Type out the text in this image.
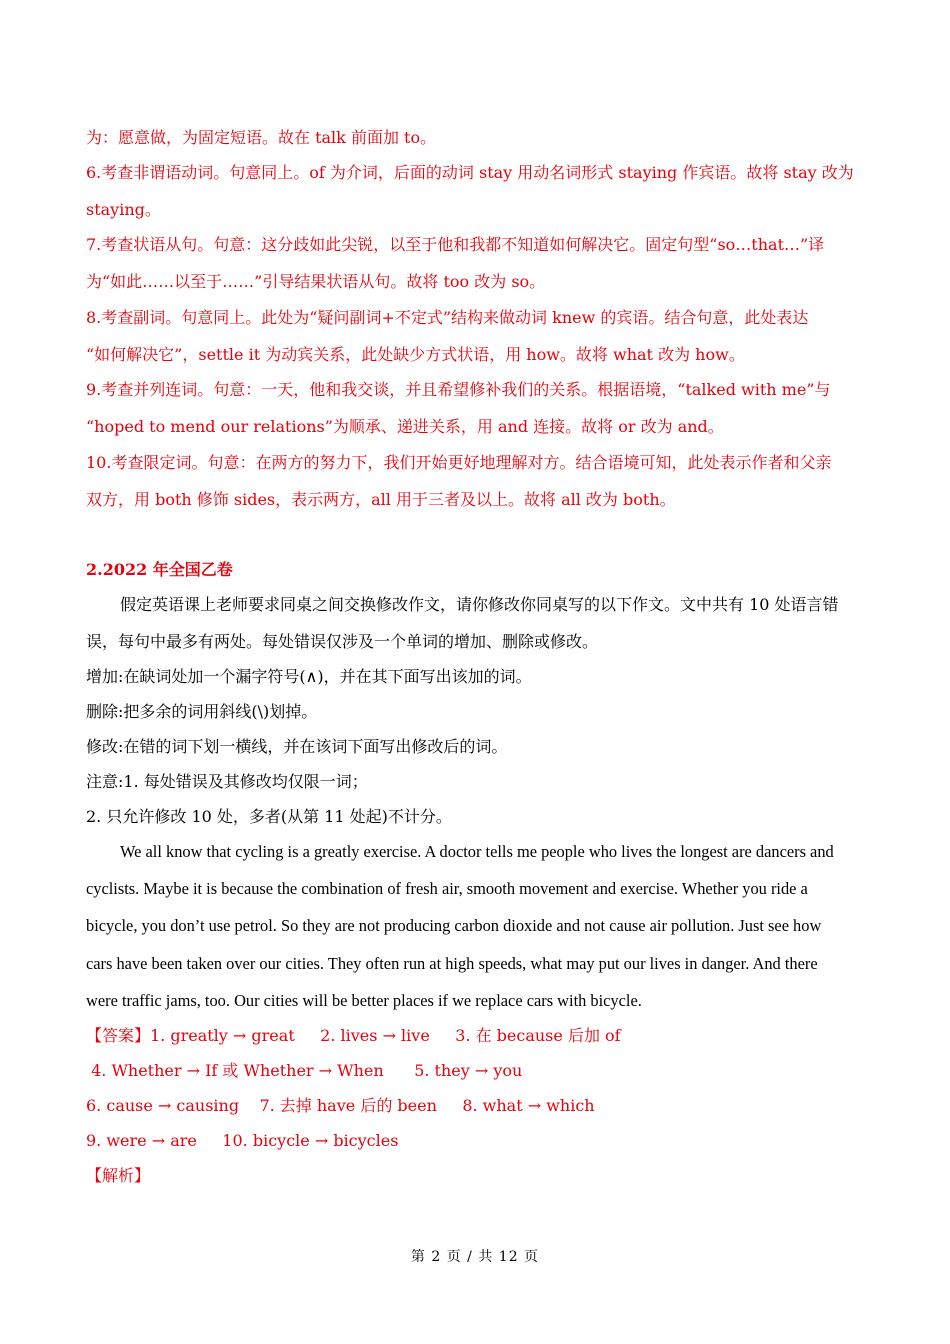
为：愿意做，为固定短语。故在 talk 前面加 to。
6.考查非谓语动词。句意同上。of 为介词，后面的动词 stay 用动名词形式 staying 作宾语。故将 stay 改为
staying。
7.考查状语从句。句意：这分歧如此尖锐，以至于他和我都不知道如何解决它。固定句型“so…that…”译
为“如此……以至于……”引导结果状语从句。故将 too 改为 so。
8.考查副词。句意同上。此处为“疑问副词+不定式”结构来做动词 knew 的宾语。结合句意，此处表达
“如何解决它”，settle it 为动宾关系，此处缺少方式状语，用 how。故将 what 改为 how。
9.考查并列连词。句意：一天，他和我交谈，并且希望修补我们的关系。根据语境，“talked with me”与
“hoped to mend our relations”为顺承、递进关系，用 and 连接。故将 or 改为 and。
10.考查限定词。句意：在两方的努力下，我们开始更好地理解对方。结合语境可知，此处表示作者和父亲
双方，用 both 修饰 sides，表示两方，all 用于三者及以上。故将 all 改为 both。
2.2022 年全国乙卷
假定英语课上老师要求同桌之间交换修改作文，请你修改你同桌写的以下作文。文中共有 10 处语言错
误，每句中最多有两处。每处错误仅涉及一个单词的增加、删除或修改。
增加:在缺词处加一个漏字符号(∧)，并在其下面写出该加的词。
删除:把多余的词用斜线(\)划掉。
修改:在错的词下划一横线，并在该词下面写出修改后的词。
注意:1. 每处错误及其修改均仅限一词；
2. 只允许修改 10 处，多者(从第 11 处起)不计分。
We all know that cycling is a greatly exercise. A doctor tells me people who lives the longest are dancers and
cyclists. Maybe it is because the combination of fresh air, smooth movement and exercise. Whether you ride a
bicycle, you don’t use petrol. So they are not producing carbon dioxide and not cause air pollution. Just see how
cars have been taken over our cities. They often run at high speeds, what may put our lives in danger. And there
were traffic jams, too. Our cities will be better places if we replace cars with bicycle.
【答案】1. greatly → great     2. lives → live     3. 在 because 后加 of
4. Whether → If 或 Whether → When      5. they → you
6. cause → causing    7. 去掉 have 后的 been     8. what → which
9. were → are     10. bicycle → bicycles
【解析】
第 2 页 / 共 12 页
